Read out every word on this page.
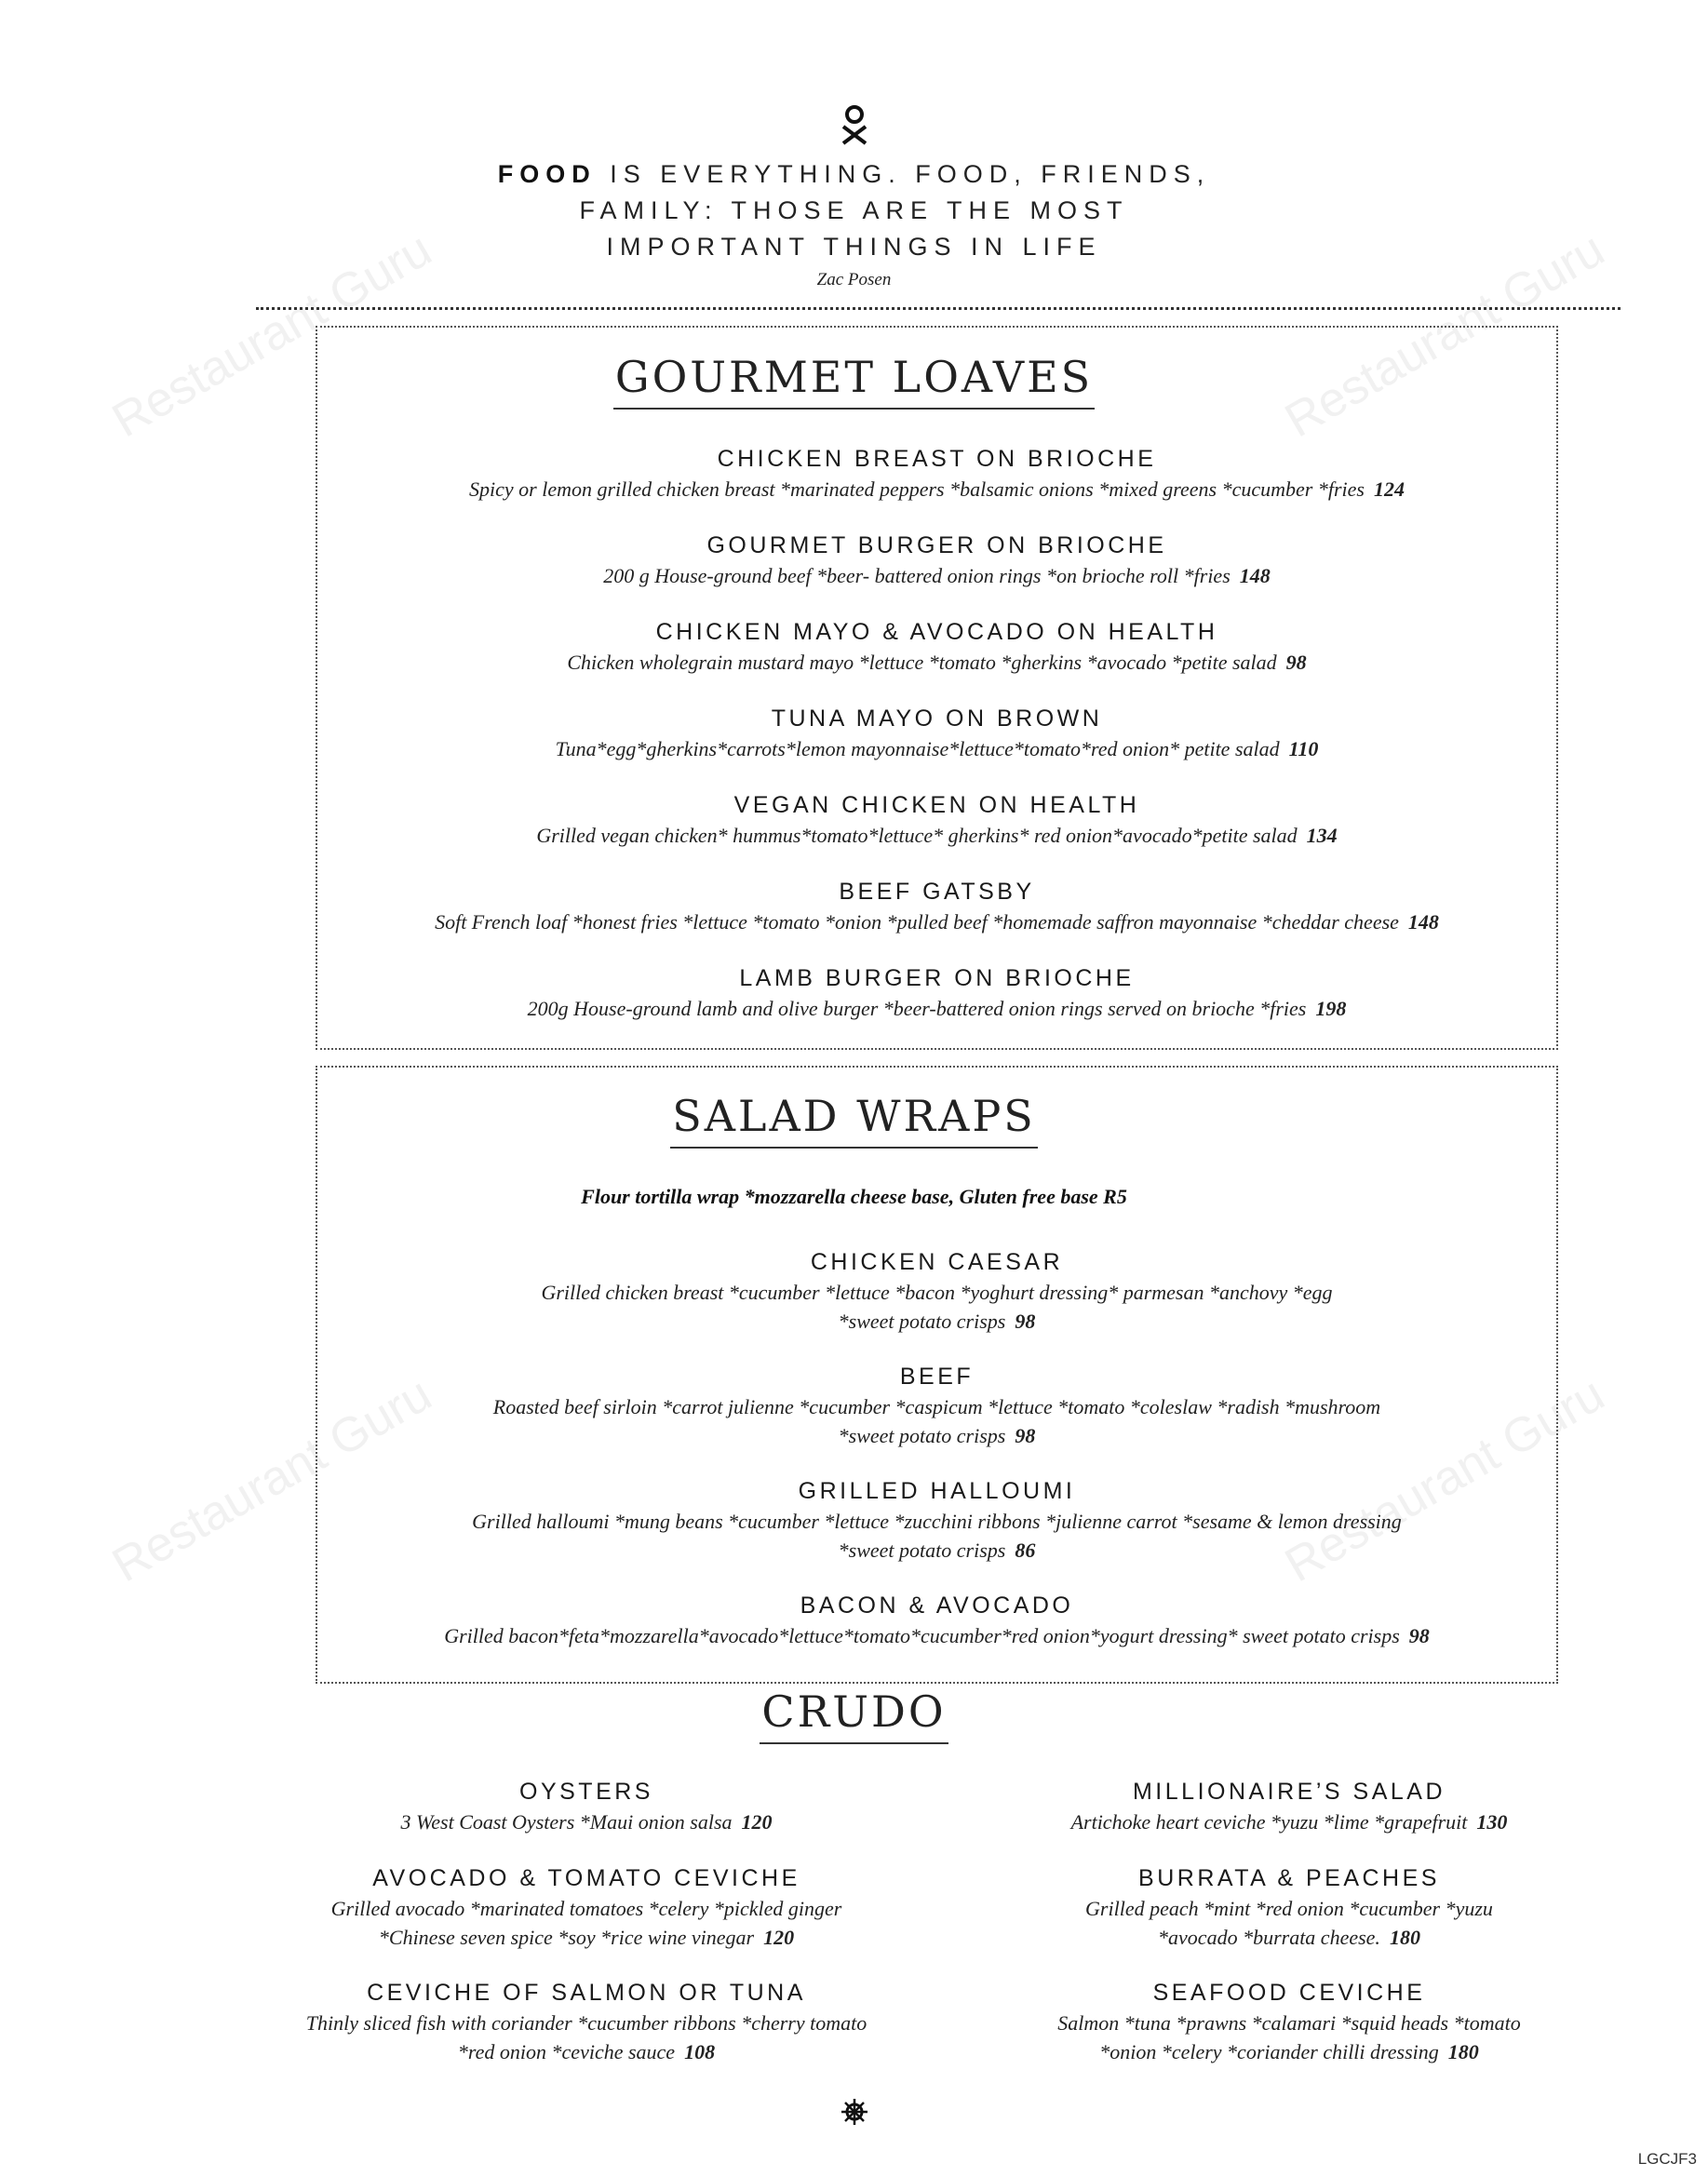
Restaurant Guru	Restaurant Guru
Restaurant Guru	Restaurant Guru
FOOD IS EVERYTHING. FOOD, FRIENDS,
FAMILY: THOSE ARE THE MOST
IMPORTANT THINGS IN LIFE
Zac Posen
GOURMET LOAVES
CHICKEN BREAST ON BRIOCHE
Spicy or lemon grilled chicken breast *marinated peppers *balsamic onions *mixed greens *cucumber *fries 124
GOURMET BURGER ON BRIOCHE
200 g House-ground beef *beer- battered onion rings *on brioche roll *fries 148
CHICKEN MAYO & AVOCADO ON HEALTH
Chicken wholegrain mustard mayo *lettuce *tomato *gherkins *avocado *petite salad 98
TUNA MAYO ON BROWN
Tuna*egg*gherkins*carrots*lemon mayonnaise*lettuce*tomato*red onion* petite salad 110
VEGAN CHICKEN ON HEALTH
Grilled vegan chicken* hummus*tomato*lettuce* gherkins* red onion*avocado*petite salad 134
BEEF GATSBY
Soft French loaf *honest fries *lettuce *tomato *onion *pulled beef *homemade saffron mayonnaise *cheddar cheese 148
LAMB BURGER ON BRIOCHE
200g House-ground lamb and olive burger *beer-battered onion rings served on brioche *fries 198
SALAD WRAPS
Flour tortilla wrap *mozzarella cheese base, Gluten free base R5
CHICKEN CAESAR
Grilled chicken breast *cucumber *lettuce *bacon *yoghurt dressing* parmesan *anchovy *egg
*sweet potato crisps 98
BEEF
Roasted beef sirloin *carrot julienne *cucumber *caspicum *lettuce *tomato *coleslaw *radish *mushroom
*sweet potato crisps 98
GRILLED HALLOUMI
Grilled halloumi *mung beans *cucumber *lettuce *zucchini ribbons *julienne carrot *sesame & lemon dressing
*sweet potato crisps 86
BACON & AVOCADO
Grilled bacon*feta*mozzarella*avocado*lettuce*tomato*cucumber*red onion*yogurt dressing* sweet potato crisps 98
CRUDO
OYSTERS
3 West Coast Oysters *Maui onion salsa 120
AVOCADO & TOMATO CEVICHE
Grilled avocado *marinated tomatoes *celery *pickled ginger
*Chinese seven spice *soy *rice wine vinegar 120
CEVICHE OF SALMON OR TUNA
Thinly sliced fish with coriander *cucumber ribbons *cherry tomato
*red onion *ceviche sauce 108
MILLIONAIRE’S SALAD
Artichoke heart ceviche *yuzu *lime *grapefruit 130
BURRATA & PEACHES
Grilled peach *mint *red onion *cucumber *yuzu
*avocado *burrata cheese. 180
SEAFOOD CEVICHE
Salmon *tuna *prawns *calamari *squid heads *tomato
*onion *celery *coriander chilli dressing 180
LGCJF3
